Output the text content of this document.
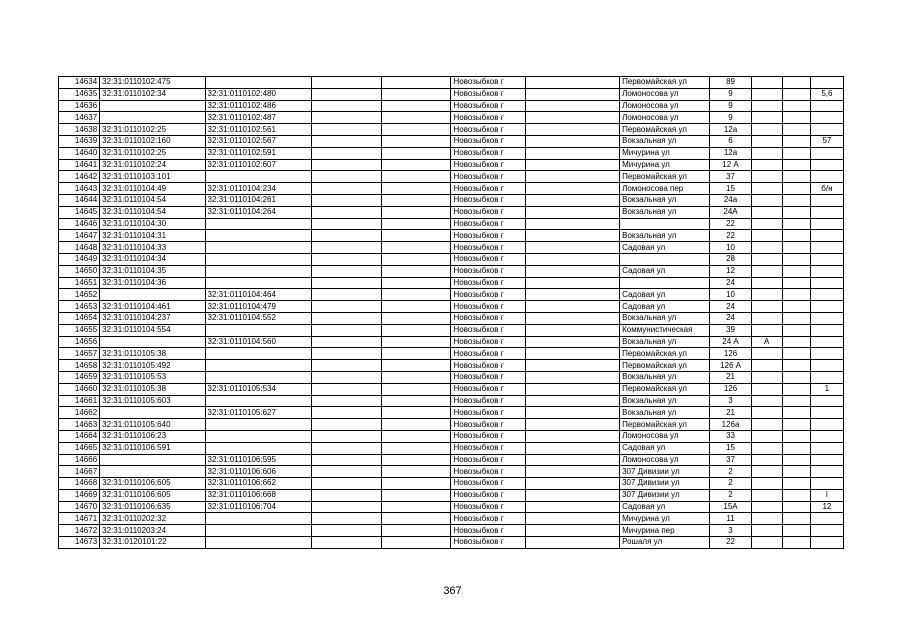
14634	32:31:0110102:475				Новозыбков г		Первомайская ул	89			
14635	32:31:0110102:34	32:31:0110102:480			Новозыбков г		Ломоносова ул	9			5,6
14636		32:31:0110102:486			Новозыбков г		Ломоносова ул	9			
14637		32:31:0110102:487			Новозыбков г		Ломоносова ул	9			
14638	32:31:0110102:25	32:31:0110102:561			Новозыбков г		Первомайская ул	12а			
14639	32:31:0110102:160	32:31:0110102:567			Новозыбков г		Вокзальная ул	6			57
14640	32:31:0110102:25	32:31:0110102:591			Новозыбков г		Мичурина ул	12а			
14641	32:31:0110102:24	32:31:0110102:607			Новозыбков г		Мичурина ул	12 А			
14642	32:31:0110103:101				Новозыбков г		Первомайская ул	37			
14643	32:31:0110104:49	32:31:0110104:234			Новозыбков г		Ломоносова пер	15			б/н
14644	32:31:0110104:54	32:31:0110104:261			Новозыбков г		Вокзальная ул	24а			
14645	32:31:0110104:54	32:31:0110104:264			Новозыбков г		Вокзальная ул	24А			
14646	32:31:0110104:30				Новозыбков г			22			
14647	32:31:0110104:31				Новозыбков г		Вокзальная ул	22			
14648	32:31:0110104:33				Новозыбков г		Садовая ул	10			
14649	32:31:0110104:34				Новозыбков г			28			
14650	32:31:0110104:35				Новозыбков г		Садовая ул	12			
14651	32:31:0110104:36				Новозыбков г			24			
14652		32:31:0110104:464			Новозыбков г		Садовая ул	10			
14653	32:31:0110104:461	32:31:0110104:479			Новозыбков г		Садовая ул	24			
14654	32:31:0110104:237	32:31:0110104:552			Новозыбков г		Вокзальная ул	24			
14655	32:31:0110104:554				Новозыбков г		Коммунистическая	39			
14656		32:31:0110104:560			Новозыбков г		Вокзальная ул	24 А	А		
14657	32:31:0110105:38				Новозыбков г		Первомайская ул	126			
14658	32:31:0110105:492				Новозыбков г		Первомайская ул	126 А			
14659	32:31:0110105:53				Новозыбков г		Вокзальная ул	21			
14660	32:31:0110105:38	32:31:0110105:534			Новозыбков г		Первомайская ул	126			1
14661	32:31:0110105:603				Новозыбков г		Вокзальная ул	3			
14662		32:31:0110105:627			Новозыбков г		Вокзальная ул	21			
14663	32:31:0110105:640				Новозыбков г		Первомайская ул	126а			
14664	32:31:0110106:23				Новозыбков г		Ломоносова ул	33			
14665	32:31:0110106:591				Новозыбков г		Садовая ул	15			
14666		32:31:0110106:595			Новозыбков г		Ломоносова ул	37			
14667		32:31:0110106:606			Новозыбков г		307 Дивизии ул	2			
14668	32:31:0110106:605	32:31:0110106:662			Новозыбков г		307 Дивизии ул	2			
14669	32:31:0110106:605	32:31:0110106:668			Новозыбков г		307 Дивизии ул	2			I
14670	32:31:0110106:635	32:31:0110106:704			Новозыбков г		Садовая ул	15А			12
14671	32:31:0110202:32				Новозыбков г		Мичурина ул	11			
14672	32:31:0110203:24				Новозыбков г		Мичурина пер	3			
14673	32:31:0120101:22				Новозыбков г		Рошаля ул	22			
367
